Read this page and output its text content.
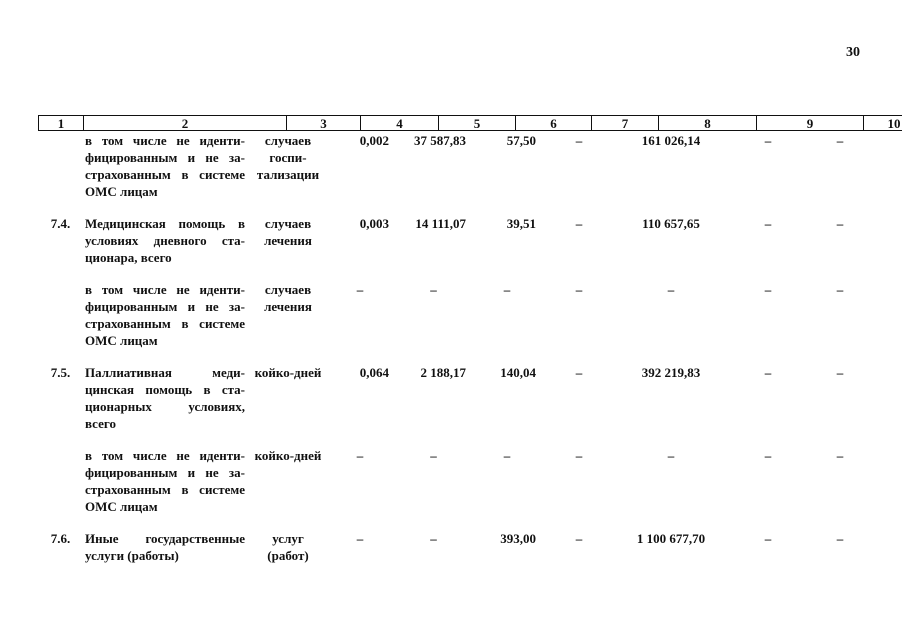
30
1	2	3	4	5	6	7	8	9	10
	в том числе не идентифицированным и не застрахованным в системе ОМС лицам	случаев госпитализации	0,002	37 587,83	57,50	–	161 026,14	–	–
7.4.	Медицинская помощь в условиях дневного стационара, всего	случаев лечения	0,003	14 111,07	39,51	–	110 657,65	–	–
	в том числе не идентифицированным и не застрахованным в системе ОМС лицам	случаев лечения	–	–	–	–	–	–	–
7.5.	Паллиативная медицинская помощь в стационарных условиях, всего	койко-дней	0,064	2 188,17	140,04	–	392 219,83	–	–
	в том числе не идентифицированным и не застрахованным в системе ОМС лицам	койко-дней	–	–	–	–	–	–	–
7.6.	Иные государственные услуги (работы)	услуг (работ)	–	–	393,00	–	1 100 677,70	–	–
